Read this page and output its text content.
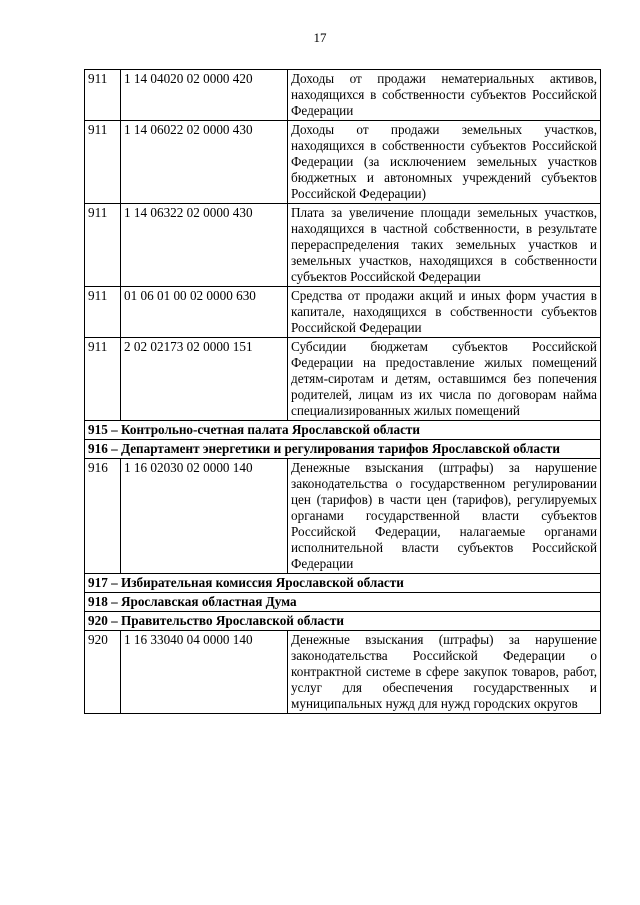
17
911	1 14 04020 02 0000 420	Доходы от продажи нематериальных активов, находящихся в собственности субъектов Российской Федерации
911	1 14 06022 02 0000 430	Доходы от продажи земельных участков, находящихся в собственности субъектов Российской Федерации (за исключением земельных участков бюджетных и автономных учреждений субъектов Российской Федерации)
911	1 14 06322 02 0000 430	Плата за увеличение площади земельных участков, находящихся в частной собственности, в результате перераспределения таких земельных участков и земельных участков, находящихся в собственности субъектов Российской Федерации
911	01 06 01 00 02 0000 630	Средства от продажи акций и иных форм участия в капитале, находящихся в собственности субъектов Российской Федерации
911	2 02 02173 02 0000 151	Субсидии бюджетам субъектов Российской Федерации на предоставление жилых помещений детям-сиротам и детям, оставшимся без попечения родителей, лицам из их числа по договорам найма специализированных жилых помещений

915 – Контрольно-счетная палата Ярославской области		

916 – Департамент энергетики и регулирования тарифов Ярославской области		

916	1 16 02030 02 0000 140	Денежные взыскания (штрафы) за нарушение законодательства о государственном регулировании цен (тарифов) в части цен (тарифов), регулируемых органами государственной власти субъектов Российской Федерации, налагаемые органами исполнительной власти субъектов Российской Федерации

917 – Избирательная комиссия Ярославской области		

918 – Ярославская областная Дума		

920 – Правительство Ярославской области		

920	1 16 33040 04 0000 140	Денежные взыскания (штрафы) за нарушение законодательства Российской Федерации о контрактной системе в сфере закупок товаров, работ, услуг для обеспечения государственных и муниципальных нужд для нужд городских округов
